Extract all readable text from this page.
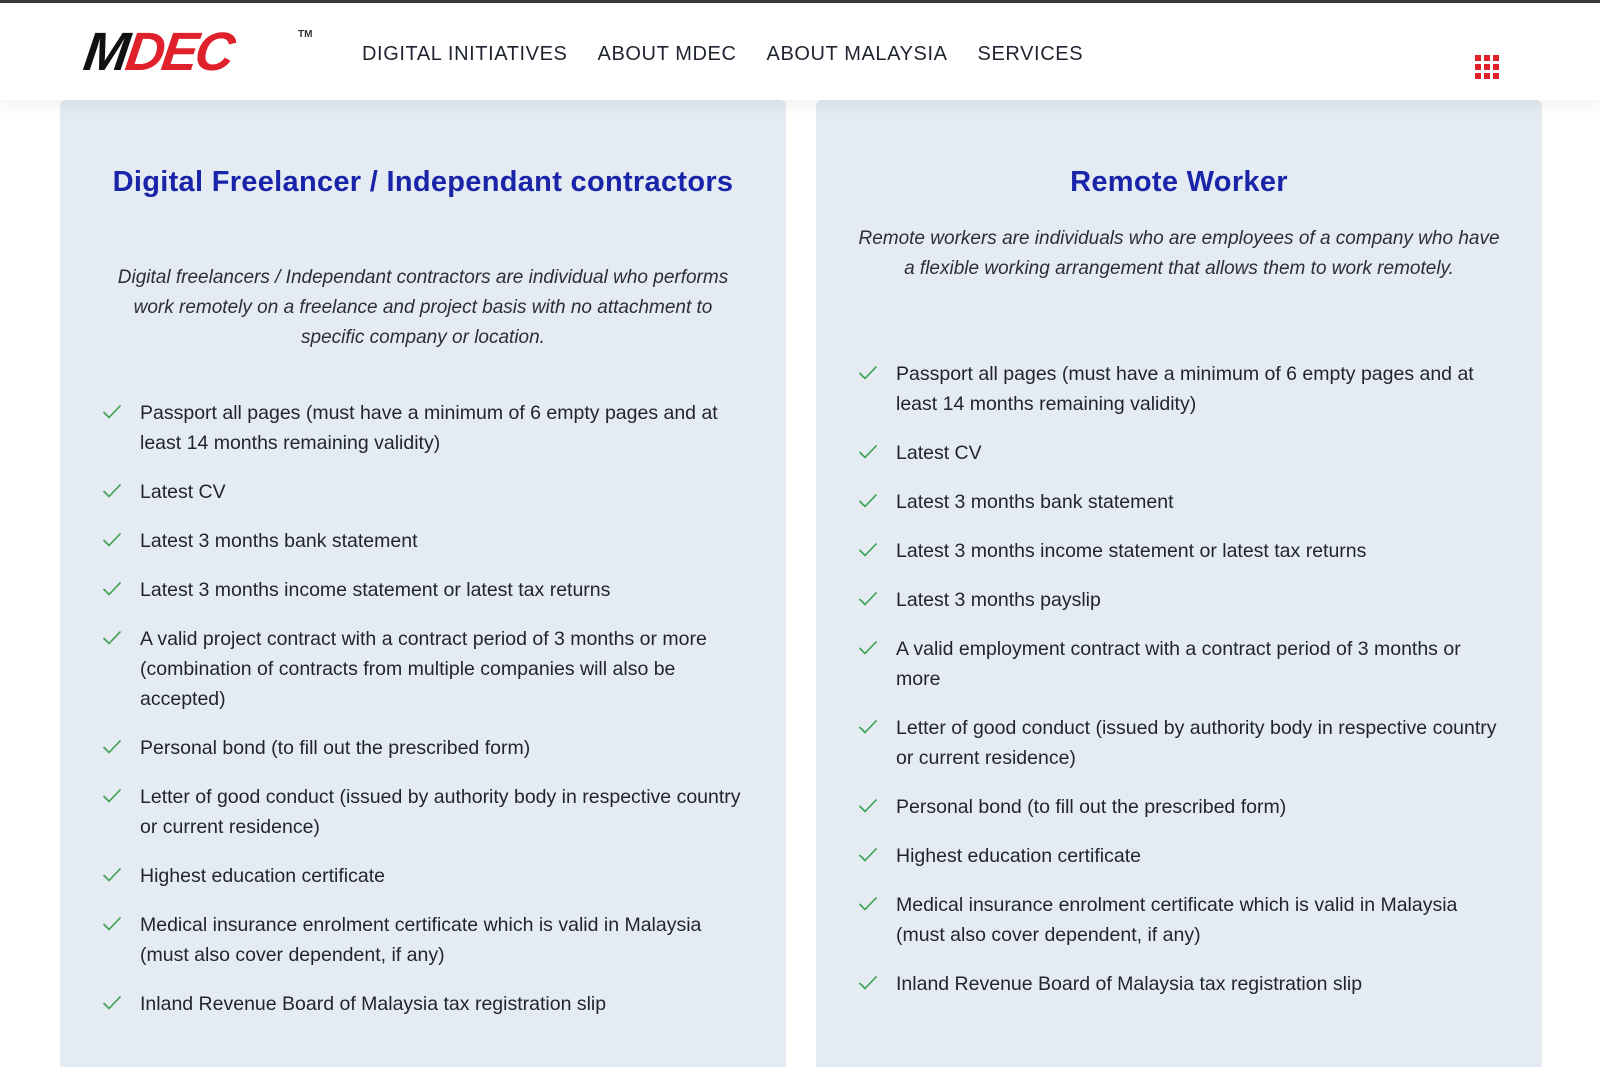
MDEC	TM
DIGITAL INITIATIVES ABOUT MDEC ABOUT MALAYSIA SERVICES
Digital Freelancer / Independant contractors

Digital freelancers / Independant contractors are individual who performs work remotely on a freelance and project basis with no attachment to specific company or location.

Passport all pages (must have a minimum of 6 empty pages and at least 14 months remaining validity)
Latest CV
Latest 3 months bank statement
Latest 3 months income statement or latest tax returns
A valid project contract with a contract period of 3 months or more (combination of contracts from multiple companies will also be accepted)
Personal bond (to fill out the prescribed form)
Letter of good conduct (issued by authority body in respective country or current residence)
Highest education certificate
Medical insurance enrolment certificate which is valid in Malaysia (must also cover dependent, if any)
Inland Revenue Board of Malaysia tax registration slip
Remote Worker

Remote workers are individuals who are employees of a company who have a flexible working arrangement that allows them to work remotely.

Passport all pages (must have a minimum of 6 empty pages and at least 14 months remaining validity)
Latest CV
Latest 3 months bank statement
Latest 3 months income statement or latest tax returns
Latest 3 months payslip
A valid employment contract with a contract period of 3 months or more
Letter of good conduct (issued by authority body in respective country or current residence)
Personal bond (to fill out the prescribed form)
Highest education certificate
Medical insurance enrolment certificate which is valid in Malaysia (must also cover dependent, if any)
Inland Revenue Board of Malaysia tax registration slip
